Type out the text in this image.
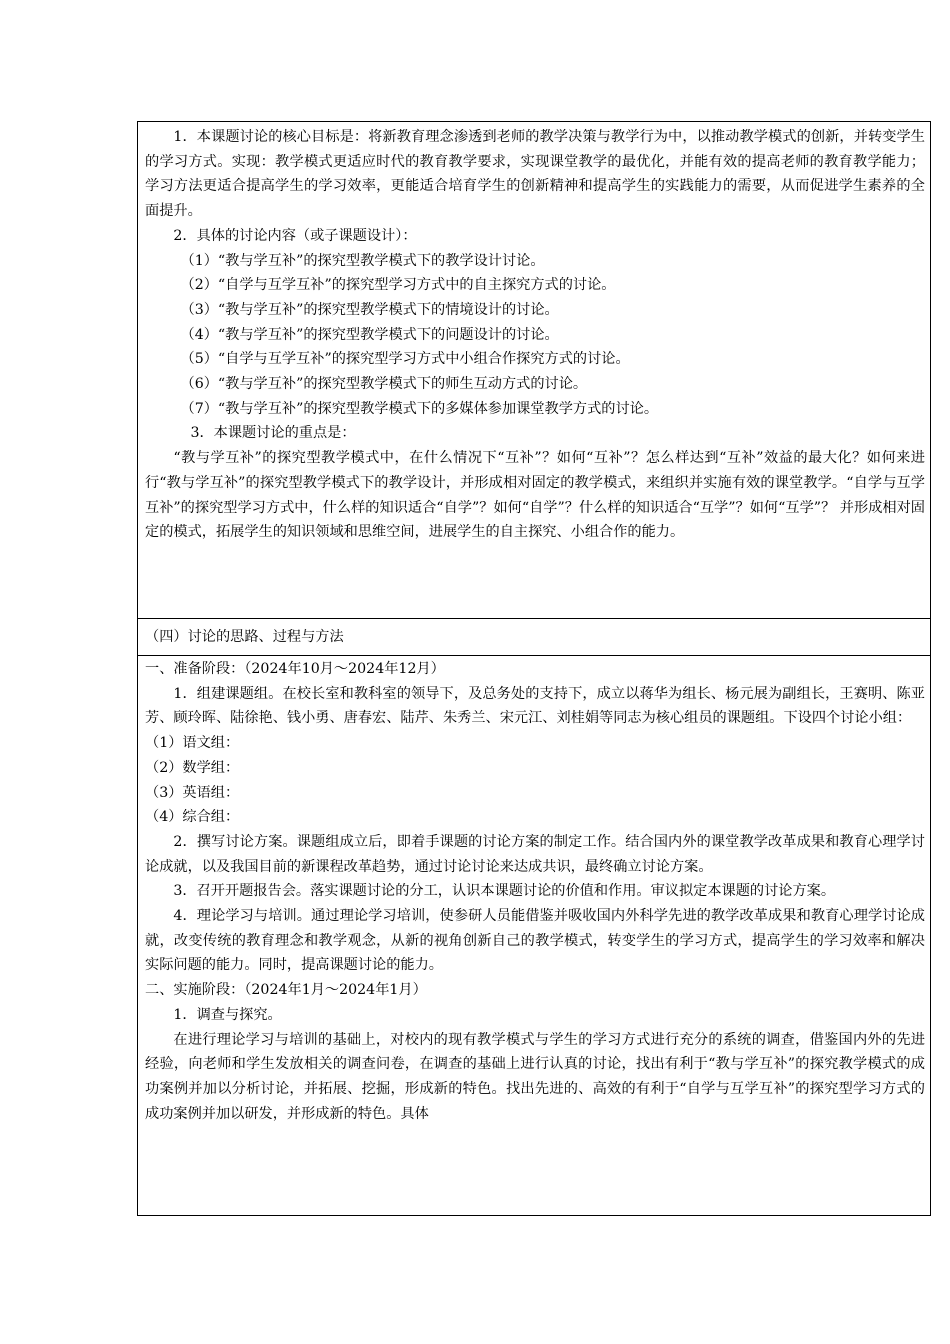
1．本课题讨论的核心目标是：将新教育理念渗透到老师的教学决策与教学行为中，以推动教学模式的创新，并转变学生的学习方式。实现：教学模式更适应时代的教育教学要求，实现课堂教学的最优化，并能有效的提高老师的教育教学能力；学习方法更适合提高学生的学习效率，更能适合培育学生的创新精神和提高学生的实践能力的需要，从而促进学生素养的全面提升。

2．具体的讨论内容（或子课题设计）：

（1）“教与学互补”的探究型教学模式下的教学设计讨论。

（2）“自学与互学互补”的探究型学习方式中的自主探究方式的讨论。

（3）“教与学互补”的探究型教学模式下的情境设计的讨论。

（4）“教与学互补”的探究型教学模式下的问题设计的讨论。

（5）“自学与互学互补”的探究型学习方式中小组合作探究方式的讨论。

（6）“教与学互补”的探究型教学模式下的师生互动方式的讨论。

（7）“教与学互补”的探究型教学模式下的多媒体参加课堂教学方式的讨论。

3．本课题讨论的重点是：

“教与学互补”的探究型教学模式中，在什么情况下“互补”？如何“互补”？怎么样达到“互补”效益的最大化？如何来进行“教与学互补”的探究型教学模式下的教学设计，并形成相对固定的教学模式，来组织并实施有效的课堂教学。“自学与互学互补”的探究型学习方式中，什么样的知识适合“自学”？如何“自学”？什么样的知识适合“互学”？如何“互学”？ 并形成相对固定的模式，拓展学生的知识领域和思维空间，进展学生的自主探究、小组合作的能力。

（四）讨论的思路、过程与方法

一、准备阶段：（2024年10月～2024年12月）

1．组建课题组。在校长室和教科室的领导下，及总务处的支持下，成立以蒋华为组长、杨元展为副组长，王赛明、陈亚芳、顾玲晖、陆徐艳、钱小勇、唐春宏、陆芹、朱秀兰、宋元江、刘桂娟等同志为核心组员的课题组。下设四个讨论小组：

（1）语文组：

（2）数学组：

（3）英语组：

（4）综合组：

2．撰写讨论方案。课题组成立后，即着手课题的讨论方案的制定工作。结合国内外的课堂教学改革成果和教育心理学讨论成就，以及我国目前的新课程改革趋势，通过讨论讨论来达成共识，最终确立讨论方案。

3．召开开题报告会。落实课题讨论的分工，认识本课题讨论的价值和作用。审议拟定本课题的讨论方案。

4．理论学习与培训。通过理论学习培训，使参研人员能借鉴并吸收国内外科学先进的教学改革成果和教育心理学讨论成就，改变传统的教育理念和教学观念，从新的视角创新自己的教学模式，转变学生的学习方式，提高学生的学习效率和解决实际问题的能力。同时，提高课题讨论的能力。

二、实施阶段：（2024年1月～2024年1月）

1．调查与探究。

在进行理论学习与培训的基础上，对校内的现有教学模式与学生的学习方式进行充分的系统的调查，借鉴国内外的先进经验，向老师和学生发放相关的调查问卷，在调查的基础上进行认真的讨论，找出有利于“教与学互补”的探究教学模式的成功案例并加以分析讨论，并拓展、挖掘，形成新的特色。找出先进的、高效的有利于“自学与互学互补”的探究型学习方式的成功案例并加以研发，并形成新的特色。具体
